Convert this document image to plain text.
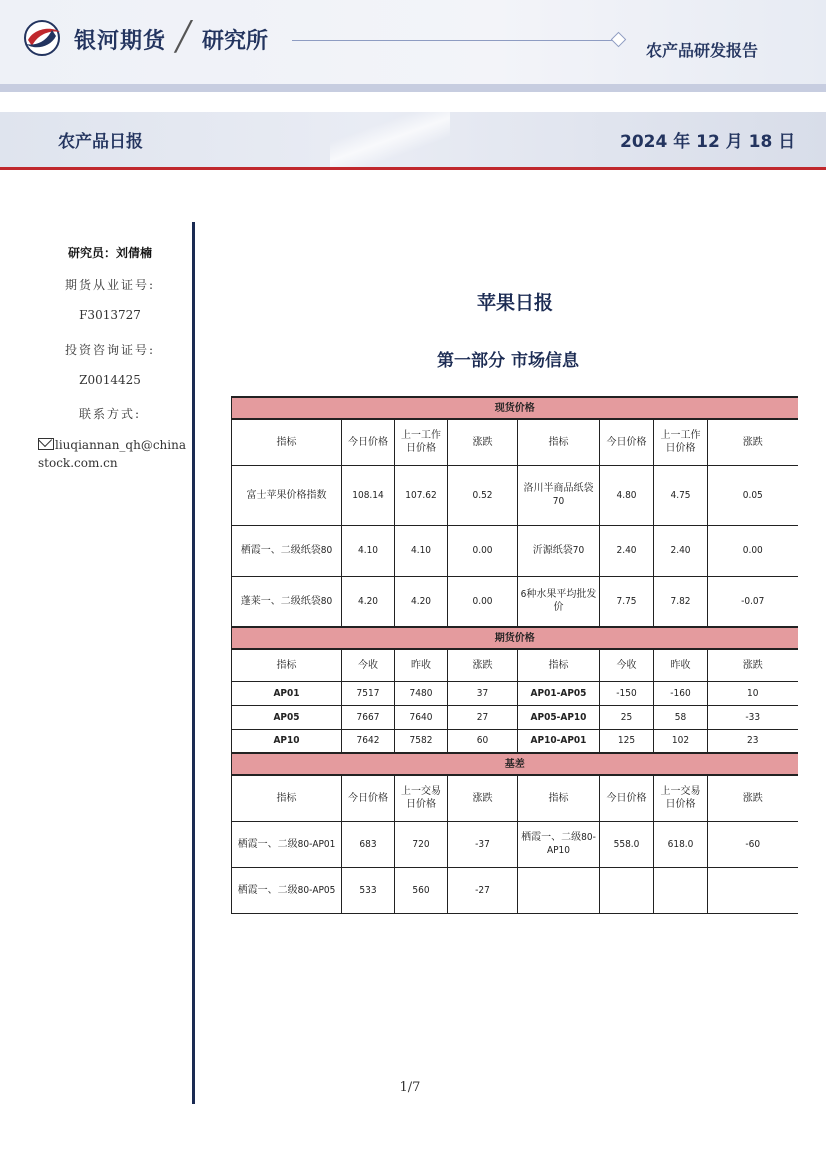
银河期货 ╱ 研究所	农产品研发报告
农产品日报	2024 年 12 月 18 日
研究员：刘倩楠
期货从业证号:
F3013727
投资咨询证号:
Z0014425
联系方式:
liuqiannan_qh@chinastock.com.cn
苹果日报
第一部分 市场信息
现货价格							
指标	今日价格	上一工作日价格	涨跌	指标	今日价格	上一工作日价格	涨跌
富士苹果价格指数	108.14	107.62	0.52	洛川半商品纸袋70	4.80	4.75	0.05
栖霞一、二级纸袋80	4.10	4.10	0.00	沂源纸袋70	2.40	2.40	0.00
蓬莱一、二级纸袋80	4.20	4.20	0.00	6种水果平均批发价	7.75	7.82	-0.07
期货价格							
指标	今收	昨收	涨跌	指标	今收	昨收	涨跌
AP01	7517	7480	37	AP01-AP05	-150	-160	10
AP05	7667	7640	27	AP05-AP10	25	58	-33
AP10	7642	7582	60	AP10-AP01	125	102	23
基差							
指标	今日价格	上一交易日价格	涨跌	指标	今日价格	上一交易日价格	涨跌
栖霞一、二级80-AP01	683	720	-37	栖霞一、二级80-AP10	558.0	618.0	-60
栖霞一、二级80-AP05	533	560	-27				
1/7
